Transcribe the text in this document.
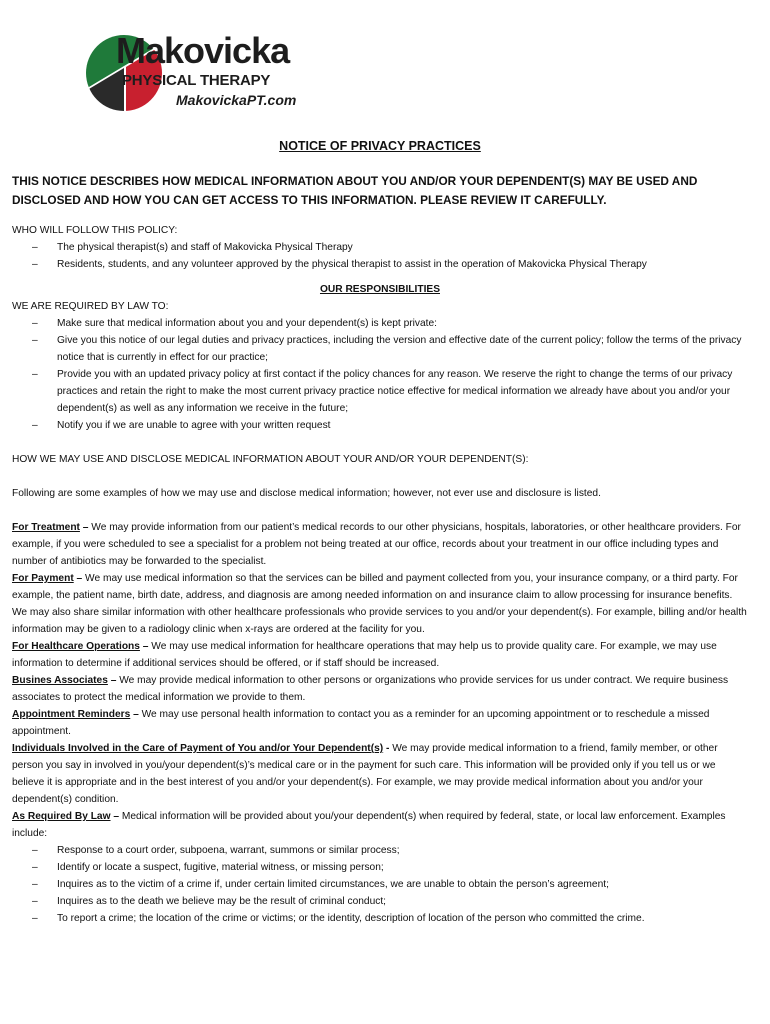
Makovicka
PHYSICAL THERAPY
MakovickaPT.com
NOTICE OF PRIVACY PRACTICES
THIS NOTICE DESCRIBES HOW MEDICAL INFORMATION ABOUT YOU AND/OR YOUR DEPENDENT(S) MAY BE USED AND DISCLOSED AND HOW YOU CAN GET ACCESS TO THIS INFORMATION. PLEASE REVIEW IT CAREFULLY.

WHO WILL FOLLOW THIS POLICY:

– The physical therapist(s) and staff of Makovicka Physical Therapy
– Residents, students, and any volunteer approved by the physical therapist to assist in the operation of Makovicka Physical Therapy
OUR RESPONSIBILITIES

WE ARE REQUIRED BY LAW TO:

– Make sure that medical information about you and your dependent(s) is kept private:
– Give you this notice of our legal duties and privacy practices, including the version and effective date of the current policy; follow the terms of the privacy notice that is currently in effect for our practice;
– Provide you with an updated privacy policy at first contact if the policy chances for any reason. We reserve the right to change the terms of our privacy practices and retain the right to make the most current privacy practice notice effective for medical information we already have about you and/or your dependent(s) as well as any information we receive in the future;
– Notify you if we are unable to agree with your written request

HOW WE MAY USE AND DISCLOSE MEDICAL INFORMATION ABOUT YOUR AND/OR YOUR DEPENDENT(S):

Following are some examples of how we may use and disclose medical information; however, not ever use and disclosure is listed.

For Treatment – We may provide information from our patient’s medical records to our other physicians, hospitals, laboratories, or other healthcare providers. For example, if you were scheduled to see a specialist for a problem not being treated at our office, records about your treatment in our office including types and number of antibiotics may be forwarded to the specialist.

For Payment – We may use medical information so that the services can be billed and payment collected from you, your insurance company, or a third party. For example, the patient name, birth date, address, and diagnosis are among needed information on and insurance claim to allow processing for insurance benefits. We may also share similar information with other healthcare professionals who provide services to you and/or your dependent(s). For example, billing and/or health information may be given to a radiology clinic when x-rays are ordered at the facility for you.

For Healthcare Operations – We may use medical information for healthcare operations that may help us to provide quality care. For example, we may use information to determine if additional services should be offered, or if staff should be increased.

Busines Associates – We may provide medical information to other persons or organizations who provide services for us under contract. We require business associates to protect the medical information we provide to them.

Appointment Reminders – We may use personal health information to contact you as a reminder for an upcoming appointment or to reschedule a missed appointment.

Individuals Involved in the Care of Payment of You and/or Your Dependent(s) - We may provide medical information to a friend, family member, or other person you say in involved in you/your dependent(s)’s medical care or in the payment for such care. This information will be provided only if you tell us or we believe it is appropriate and in the best interest of you and/or your dependent(s). For example, we may provide medical information about you and/or your dependent(s) condition.

As Required By Law – Medical information will be provided about you/your dependent(s) when required by federal, state, or local law enforcement. Examples include:

– Response to a court order, subpoena, warrant, summons or similar process;
– Identify or locate a suspect, fugitive, material witness, or missing person;
– Inquires as to the victim of a crime if, under certain limited circumstances, we are unable to obtain the person’s agreement;
– Inquires as to the death we believe may be the result of criminal conduct;
– To report a crime; the location of the crime or victims; or the identity, description of location of the person who committed the crime.
